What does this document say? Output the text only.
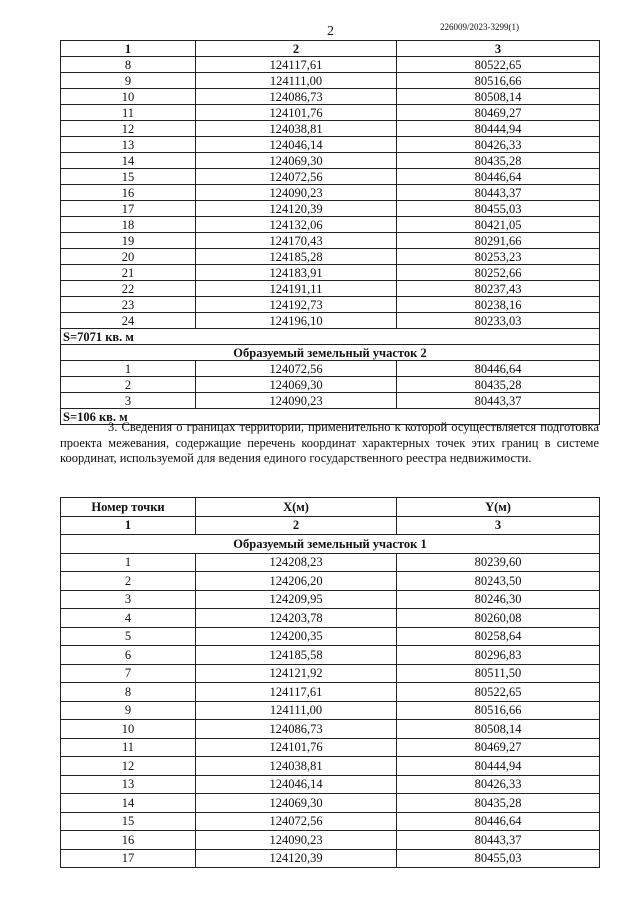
2	226009/2023-3299(1)
1	2	3
8	124117,61	80522,65
9	124111,00	80516,66
10	124086,73	80508,14
11	124101,76	80469,27
12	124038,81	80444,94
13	124046,14	80426,33
14	124069,30	80435,28
15	124072,56	80446,64
16	124090,23	80443,37
17	124120,39	80455,03
18	124132,06	80421,05
19	124170,43	80291,66
20	124185,28	80253,23
21	124183,91	80252,66
22	124191,11	80237,43
23	124192,73	80238,16
24	124196,10	80233,03
S=7071 кв. м		
Образуемый земельный участок 2		
1	124072,56	80446,64
2	124069,30	80435,28
3	124090,23	80443,37
S=106 кв. м		
3. Сведения о границах территории, применительно к которой осуществляется подготовка проекта межевания, содержащие перечень координат характерных точек этих границ в системе координат, используемой для ведения единого государственного реестра недвижимости.
Номер точки	X(м)	Y(м)
1	2	3
Образуемый земельный участок 1		
1	124208,23	80239,60
2	124206,20	80243,50
3	124209,95	80246,30
4	124203,78	80260,08
5	124200,35	80258,64
6	124185,58	80296,83
7	124121,92	80511,50
8	124117,61	80522,65
9	124111,00	80516,66
10	124086,73	80508,14
11	124101,76	80469,27
12	124038,81	80444,94
13	124046,14	80426,33
14	124069,30	80435,28
15	124072,56	80446,64
16	124090,23	80443,37
17	124120,39	80455,03
